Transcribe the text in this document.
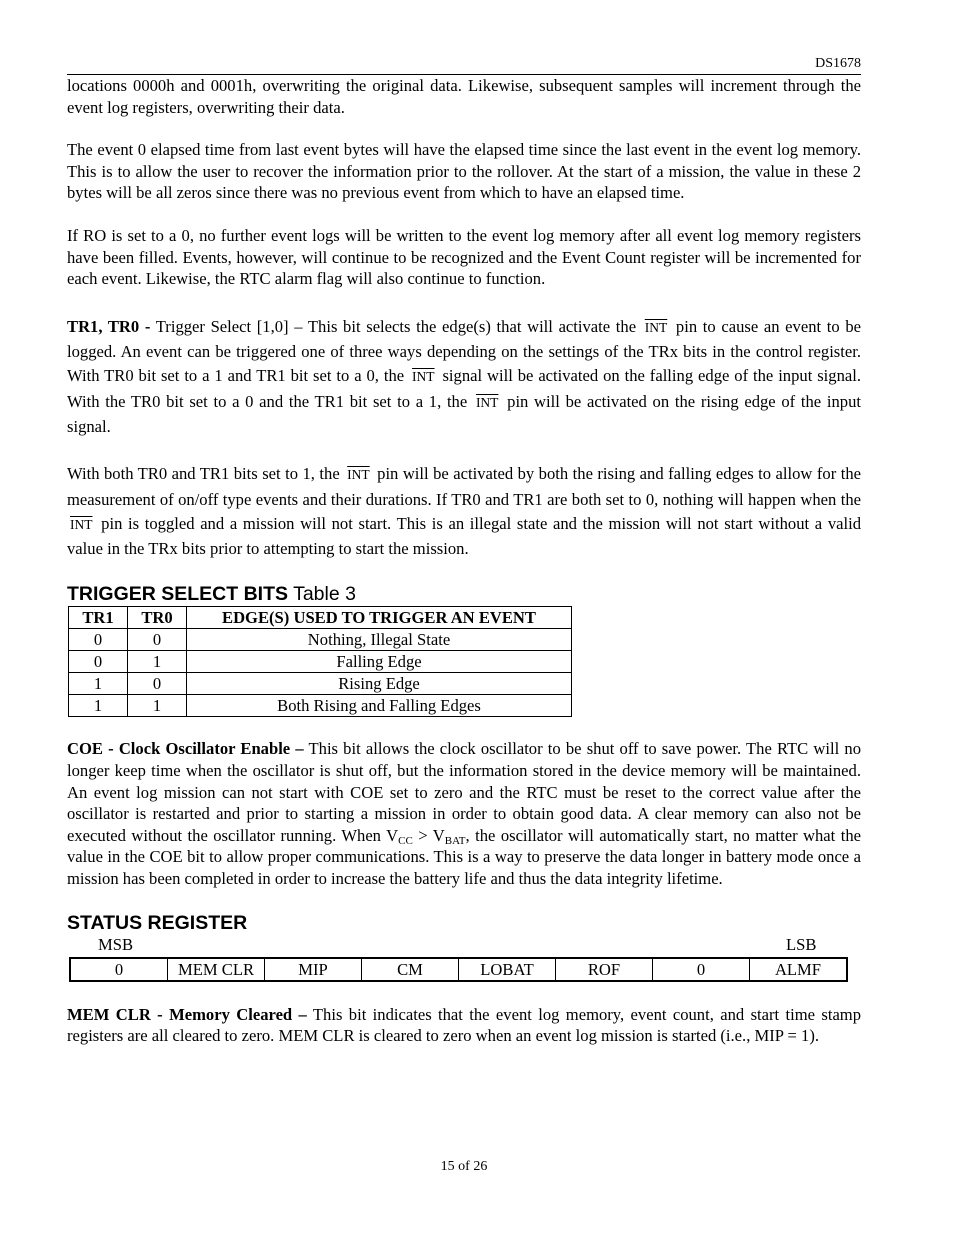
DS1678

locations 0000h and 0001h, overwriting the original data. Likewise, subsequent samples will increment through the event log registers, overwriting their data.

The event 0 elapsed time from last event bytes will have the elapsed time since the last event in the event log memory. This is to allow the user to recover the information prior to the rollover. At the start of a mission, the value in these 2 bytes will be all zeros since there was no previous event from which to have an elapsed time.

If RO is set to a 0, no further event logs will be written to the event log memory after all event log memory registers have been filled. Events, however, will continue to be recognized and the Event Count register will be incremented for each event. Likewise, the RTC alarm flag will also continue to function.

TR1, TR0 - Trigger Select [1,0] – This bit selects the edge(s) that will activate the $\overline{INT}$ pin to cause an event to be logged. An event can be triggered one of three ways depending on the settings of the TRx bits in the control register. With TR0 bit set to a 1 and TR1 bit set to a 0, the $\overline{INT}$ signal will be activated on the falling edge of the input signal. With the TR0 bit set to a 0 and the TR1 bit set to a 1, the $\overline{INT}$ pin will be activated on the rising edge of the input signal.

With both TR0 and TR1 bits set to 1, the $\overline{INT}$ pin will be activated by both the rising and falling edges to allow for the measurement of on/off type events and their durations. If TR0 and TR1 are both set to 0, nothing will happen when the $\overline{INT}$ pin is toggled and a mission will not start. This is an illegal state and the mission will not start without a valid value in the TRx bits prior to attempting to start the mission.

TRIGGER SELECT BITS Table 3
TR1	TR0	EDGE(S) USED TO TRIGGER AN EVENT
0	0	Nothing, Illegal State
0	1	Falling Edge
1	0	Rising Edge
1	1	Both Rising and Falling Edges

COE - Clock Oscillator Enable – This bit allows the clock oscillator to be shut off to save power. The RTC will no longer keep time when the oscillator is shut off, but the information stored in the device memory will be maintained. An event log mission can not start with COE set to zero and the RTC must be reset to the correct value after the oscillator is restarted and prior to starting a mission in order to obtain good data. A clear memory can also not be executed without the oscillator running. When $V_{CC} > V_{BAT}$, the oscillator will automatically start, no matter what the value in the COE bit to allow proper communications. This is a way to preserve the data longer in battery mode once a mission has been completed in order to increase the battery life and thus the data integrity lifetime.

STATUS REGISTER
MSB	LSB
0	MEM CLR	MIP	CM	LOBAT	ROF	0	ALMF

MEM CLR - Memory Cleared – This bit indicates that the event log memory, event count, and start time stamp registers are all cleared to zero. MEM CLR is cleared to zero when an event log mission is started (i.e., MIP = 1).

15 of 26
